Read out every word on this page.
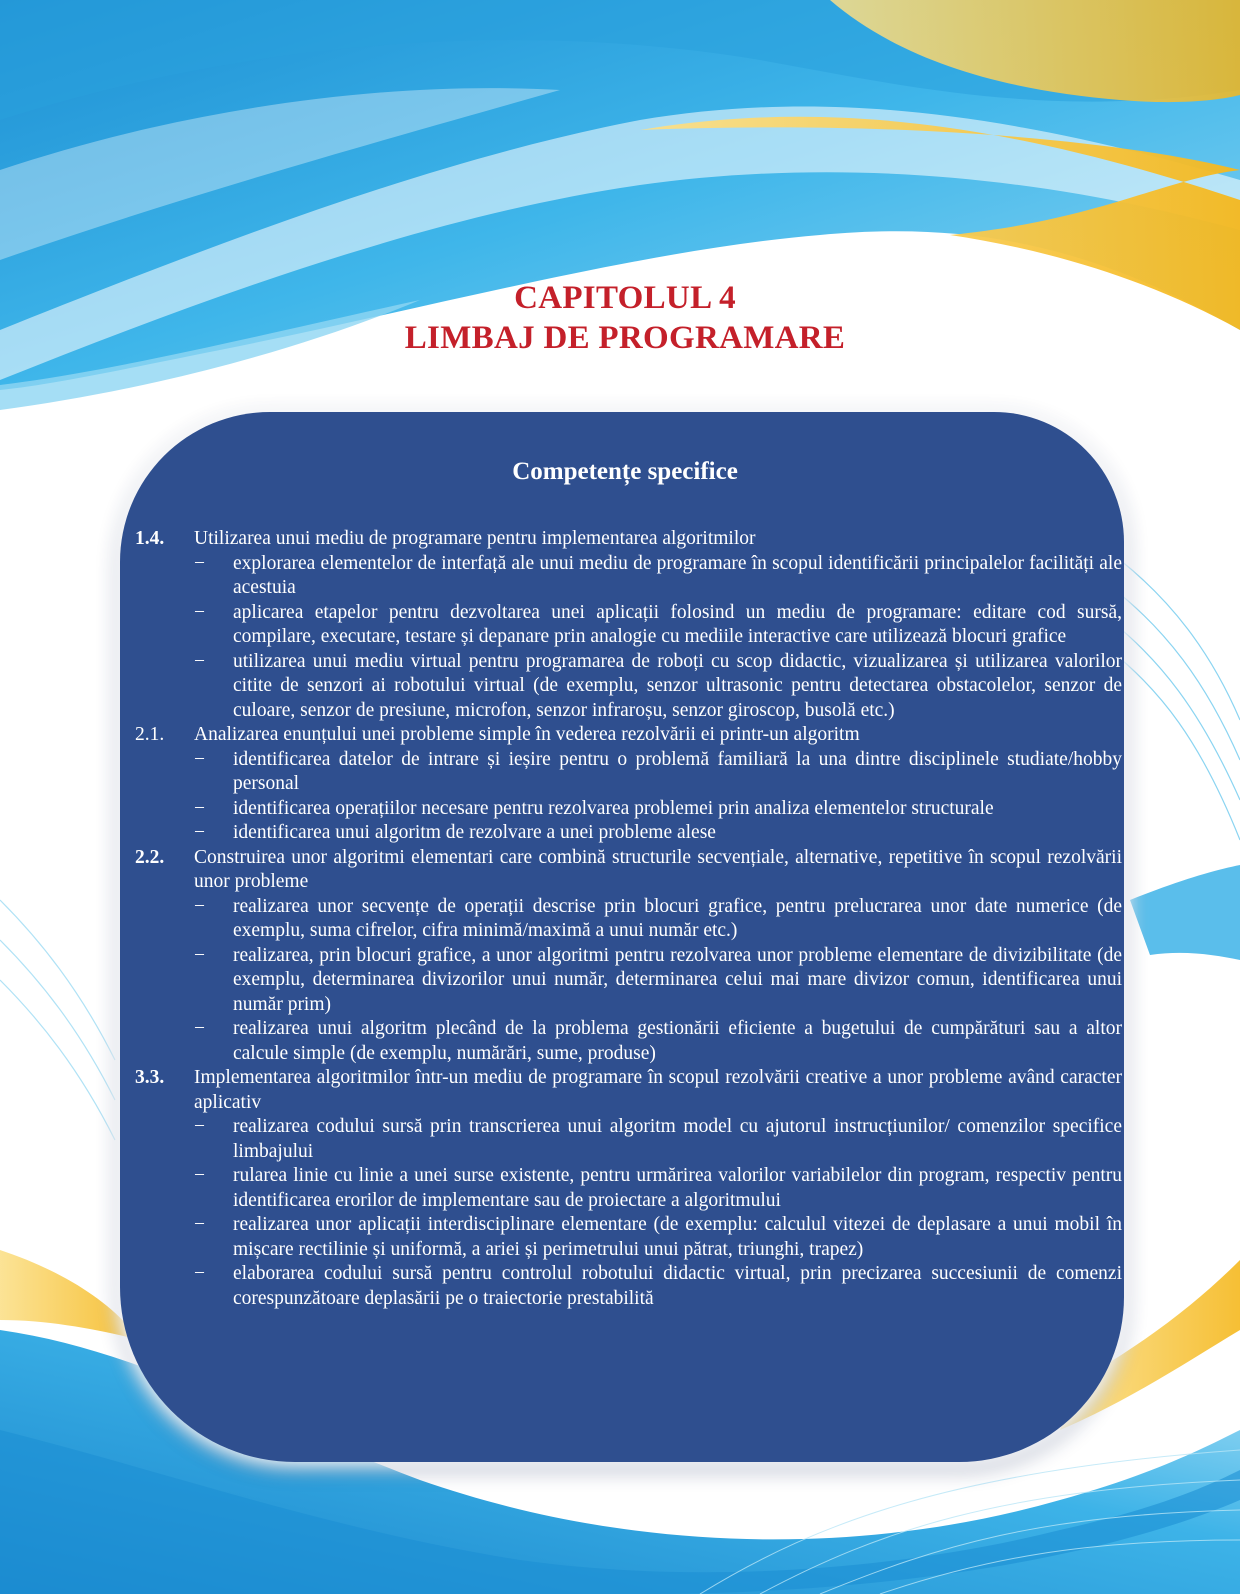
CAPITOLUL 4
LIMBAJ DE PROGRAMARE
Competențe specifice
1.4. Utilizarea unui mediu de programare pentru implementarea algoritmilor
− explorarea elementelor de interfață ale unui mediu de programare în scopul identificării principalelor facilități ale acestuia
− aplicarea etapelor pentru dezvoltarea unei aplicații folosind un mediu de programare: editare cod sursă, compilare, executare, testare și depanare prin analogie cu mediile interactive care utilizează blocuri grafice
− utilizarea unui mediu virtual pentru programarea de roboți cu scop didactic, vizualizarea și utilizarea valorilor citite de senzori ai robotului virtual (de exemplu, senzor ultrasonic pentru detectarea obstacolelor, senzor de culoare, senzor de presiune, microfon, senzor infraroșu, senzor giroscop, busolă etc.)
2.1. Analizarea enunțului unei probleme simple în vederea rezolvării ei printr-un algoritm
− identificarea datelor de intrare și ieșire pentru o problemă familiară la una dintre disciplinele studiate/hobby personal
− identificarea operațiilor necesare pentru rezolvarea problemei prin analiza elementelor structurale
− identificarea unui algoritm de rezolvare a unei probleme alese
2.2. Construirea unor algoritmi elementari care combină structurile secvențiale, alternative, repetitive în scopul rezolvării unor probleme
− realizarea unor secvențe de operații descrise prin blocuri grafice, pentru prelucrarea unor date numerice (de exemplu, suma cifrelor, cifra minimă/maximă a unui număr etc.)
− realizarea, prin blocuri grafice, a unor algoritmi pentru rezolvarea unor probleme elementare de divizibilitate (de exemplu, determinarea divizorilor unui număr, determinarea celui mai mare divizor comun, identificarea unui număr prim)
− realizarea unui algoritm plecând de la problema gestionării eficiente a bugetului de cumpărături sau a altor calcule simple (de exemplu, numărări, sume, produse)
3.3. Implementarea algoritmilor într-un mediu de programare în scopul rezolvării creative a unor probleme având caracter aplicativ
− realizarea codului sursă prin transcrierea unui algoritm model cu ajutorul instrucțiunilor/ comenzilor specifice limbajului
− rularea linie cu linie a unei surse existente, pentru urmărirea valorilor variabilelor din program, respectiv pentru identificarea erorilor de implementare sau de proiectare a algoritmului
− realizarea unor aplicații interdisciplinare elementare (de exemplu: calculul vitezei de deplasare a unui mobil în mișcare rectilinie și uniformă, a ariei și perimetrului unui pătrat, triunghi, trapez)
− elaborarea codului sursă pentru controlul robotului didactic virtual, prin precizarea succesiunii de comenzi corespunzătoare deplasării pe o traiectorie prestabilită
